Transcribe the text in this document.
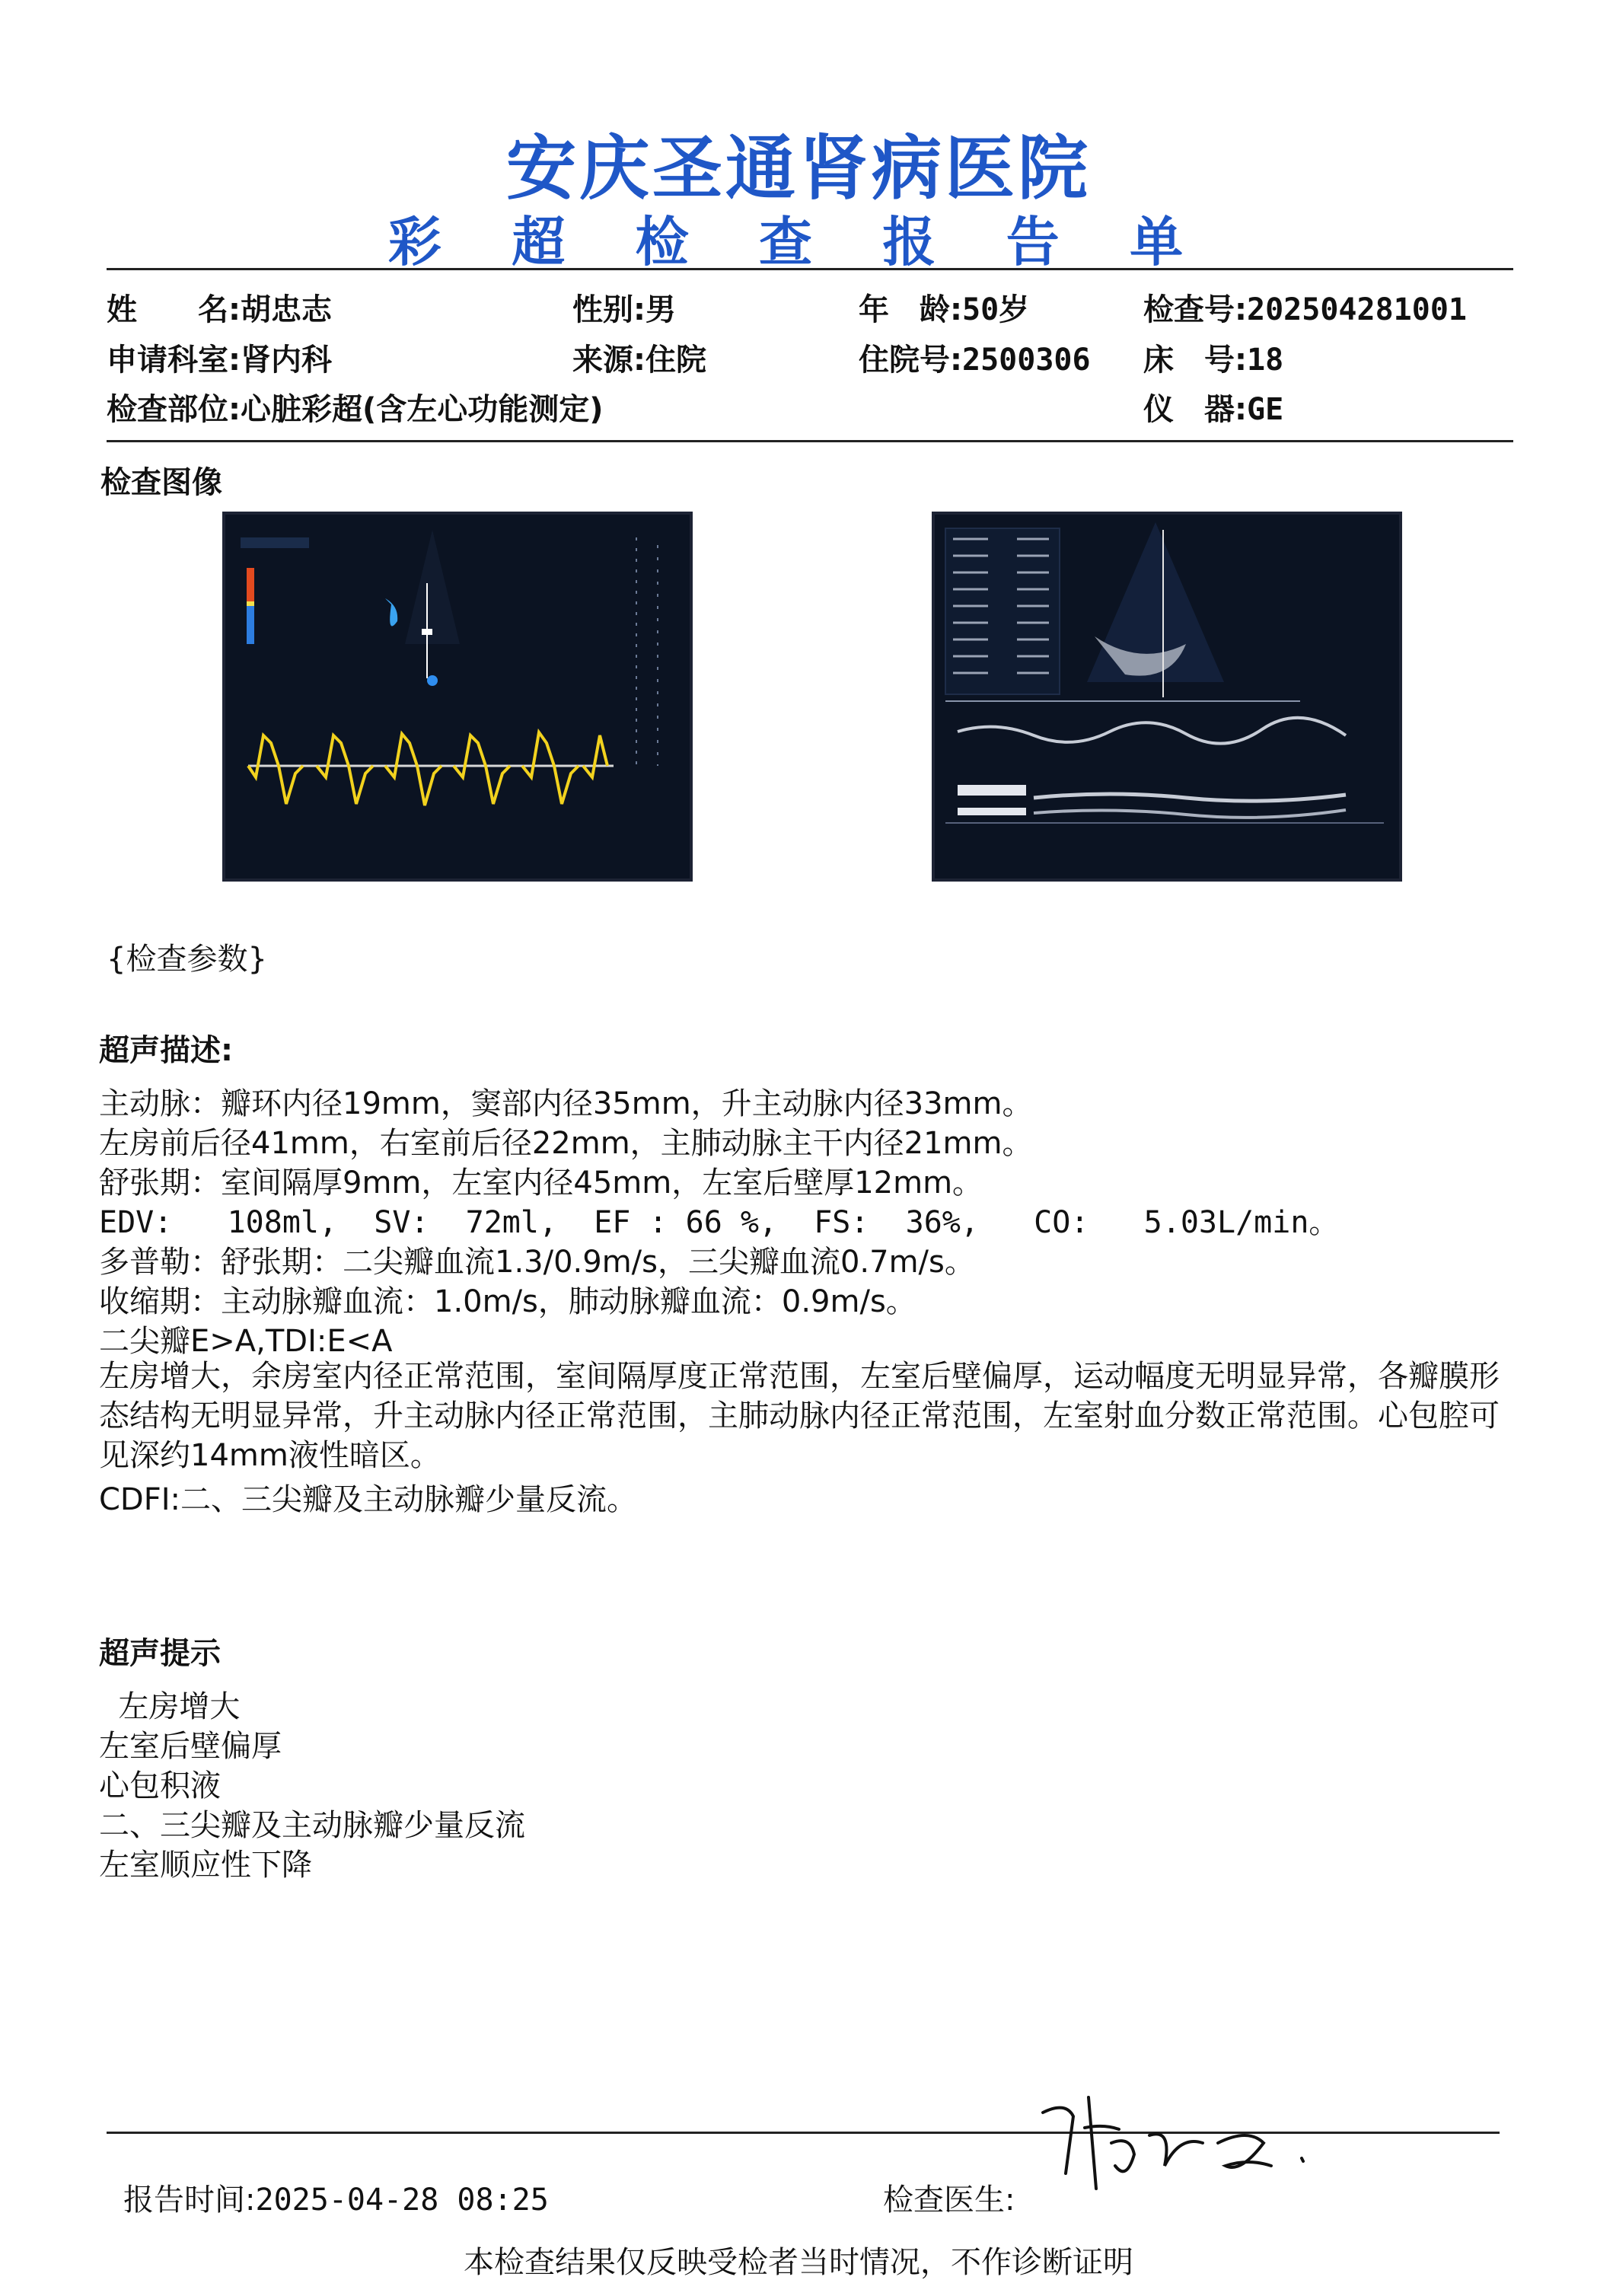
安庆圣通肾病医院
彩 超 检 查 报 告 单
姓　　名:胡忠志	性别:男	年　龄:50岁	检查号:202504281001
申请科室:肾内科	来源:住院	住院号:2500306 床　号:18
检查部位:心脏彩超(含左心功能测定)	仪　器:GE
检查图像
{检查参数}
超声描述:
主动脉：瓣环内径19mm，窦部内径35mm，升主动脉内径33mm。
左房前后径41mm，右室前后径22mm，主肺动脉主干内径21mm。
舒张期：室间隔厚9mm，左室内径45mm，左室后壁厚12mm。
EDV:   108ml,  SV:  72ml,  EF : 66 %,  FS:  36%,   CO:   5.03L/min。
多普勒：舒张期：二尖瓣血流1.3/0.9m/s，三尖瓣血流0.7m/s。
收缩期：主动脉瓣血流：1.0m/s，肺动脉瓣血流：0.9m/s。
二尖瓣E>A,TDI:E<A
左房增大，余房室内径正常范围，室间隔厚度正常范围，左室后壁偏厚，运动幅度无明显异常，各瓣膜形态结构无明显异常，升主动脉内径正常范围，主肺动脉内径正常范围，左室射血分数正常范围。心包腔可见深约14mm液性暗区。
CDFI:二、三尖瓣及主动脉瓣少量反流。
超声提示
左房增大
左室后壁偏厚
心包积液
二、三尖瓣及主动脉瓣少量反流
左室顺应性下降
报告时间:2025-04-28 08:25	检查医生:
本检查结果仅反映受检者当时情况，不作诊断证明
